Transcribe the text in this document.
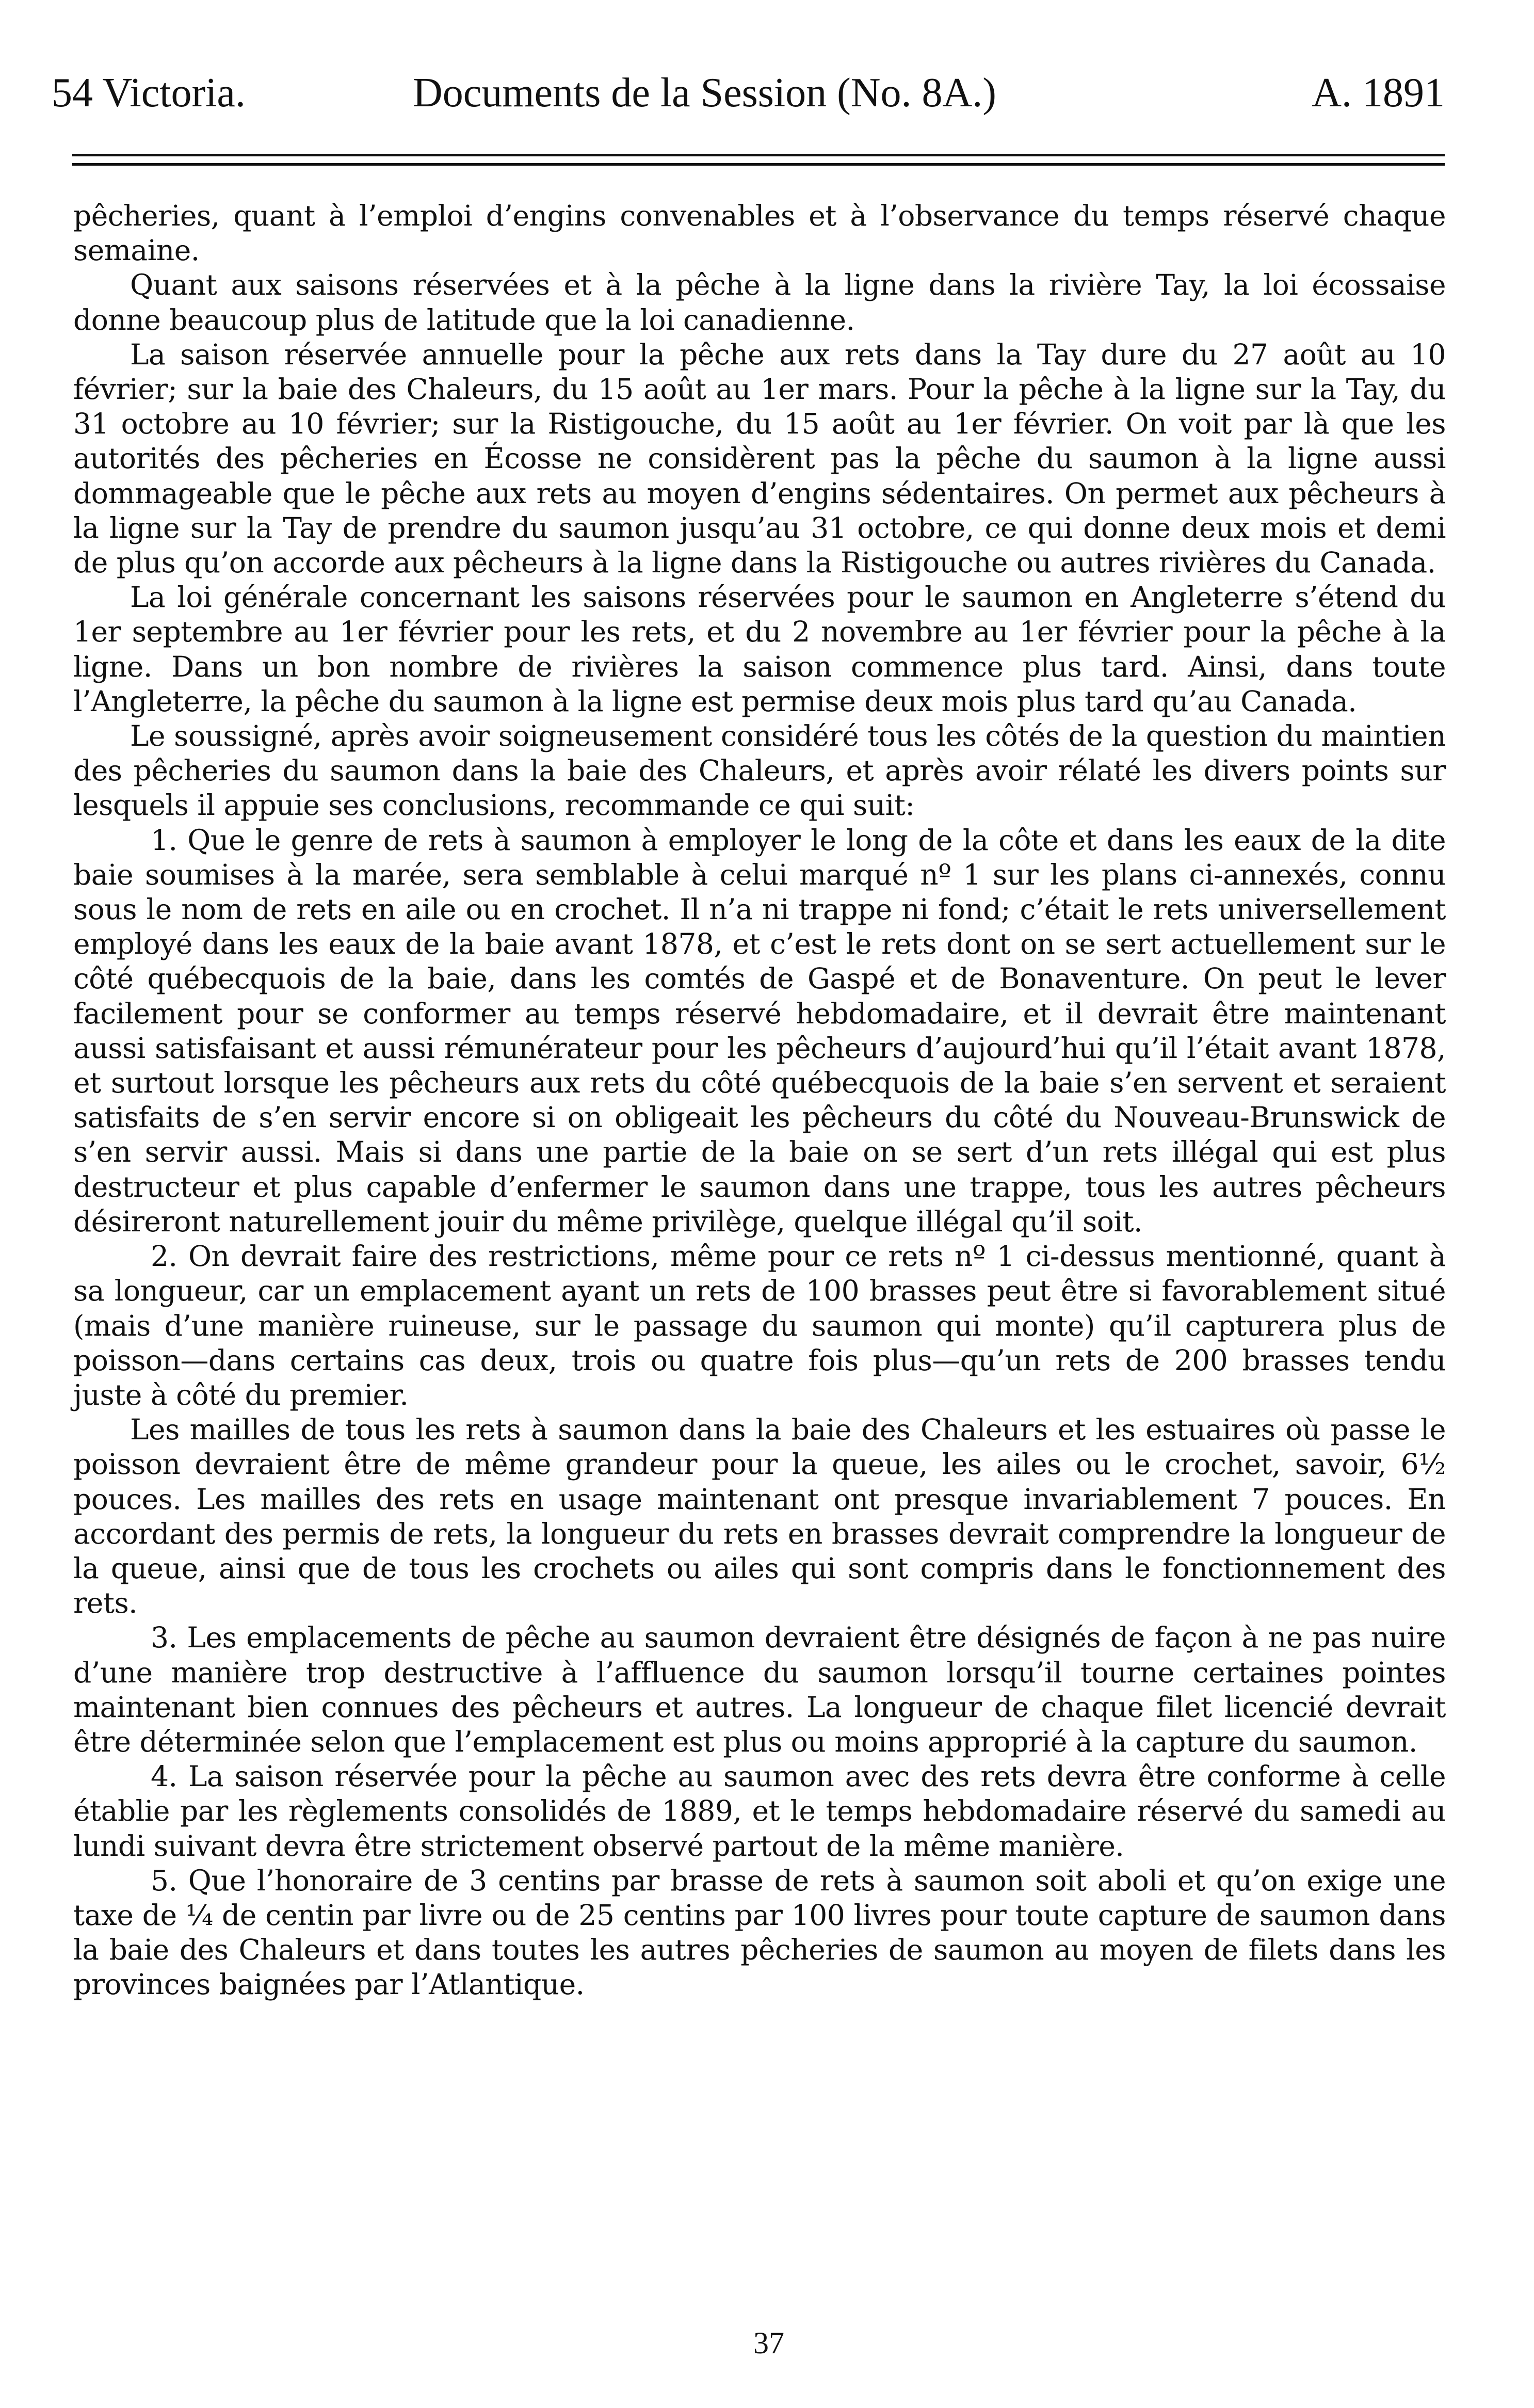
54 Victoria.	Documents de la Session (No. 8A.)	A. 1891

pêcheries, quant à l’emploi d’engins convenables et à l’observance du temps réservé chaque semaine.

Quant aux saisons réservées et à la pêche à la ligne dans la rivière Tay, la loi écossaise donne beaucoup plus de latitude que la loi canadienne.

La saison réservée annuelle pour la pêche aux rets dans la Tay dure du 27 août au 10 février; sur la baie des Chaleurs, du 15 août au 1er mars. Pour la pêche à la ligne sur la Tay, du 31 octobre au 10 février; sur la Ristigouche, du 15 août au 1er février. On voit par là que les autorités des pêcheries en Écosse ne considèrent pas la pêche du saumon à la ligne aussi dommageable que le pêche aux rets au moyen d’engins sédentaires. On permet aux pêcheurs à la ligne sur la Tay de prendre du saumon jusqu’au 31 octobre, ce qui donne deux mois et demi de plus qu’on accorde aux pêcheurs à la ligne dans la Ristigouche ou autres rivières du Canada.

La loi générale concernant les saisons réservées pour le saumon en Angleterre s’étend du 1er septembre au 1er février pour les rets, et du 2 novembre au 1er février pour la pêche à la ligne. Dans un bon nombre de rivières la saison commence plus tard. Ainsi, dans toute l’Angleterre, la pêche du saumon à la ligne est permise deux mois plus tard qu’au Canada.

Le soussigné, après avoir soigneusement considéré tous les côtés de la question du maintien des pêcheries du saumon dans la baie des Chaleurs, et après avoir rélaté les divers points sur lesquels il appuie ses conclusions, recommande ce qui suit:

1. Que le genre de rets à saumon à employer le long de la côte et dans les eaux de la dite baie soumises à la marée, sera semblable à celui marqué nº 1 sur les plans ci-annexés, connu sous le nom de rets en aile ou en crochet. Il n’a ni trappe ni fond; c’était le rets universellement employé dans les eaux de la baie avant 1878, et c’est le rets dont on se sert actuellement sur le côté québecquois de la baie, dans les comtés de Gaspé et de Bonaventure. On peut le lever facilement pour se conformer au temps réservé hebdomadaire, et il devrait être maintenant aussi satisfaisant et aussi rémunérateur pour les pêcheurs d’aujourd’hui qu’il l’était avant 1878, et surtout lorsque les pêcheurs aux rets du côté québecquois de la baie s’en servent et seraient satisfaits de s’en servir encore si on obligeait les pêcheurs du côté du Nouveau-Brunswick de s’en servir aussi. Mais si dans une partie de la baie on se sert d’un rets illégal qui est plus destructeur et plus capable d’enfermer le saumon dans une trappe, tous les autres pêcheurs désireront naturellement jouir du même privilège, quelque illégal qu’il soit.

2. On devrait faire des restrictions, même pour ce rets nº 1 ci-dessus mentionné, quant à sa longueur, car un emplacement ayant un rets de 100 brasses peut être si favorablement situé (mais d’une manière ruineuse, sur le passage du saumon qui monte) qu’il capturera plus de poisson—dans certains cas deux, trois ou quatre fois plus—qu’un rets de 200 brasses tendu juste à côté du premier.

Les mailles de tous les rets à saumon dans la baie des Chaleurs et les estuaires où passe le poisson devraient être de même grandeur pour la queue, les ailes ou le crochet, savoir, 6½ pouces. Les mailles des rets en usage maintenant ont presque invariablement 7 pouces. En accordant des permis de rets, la longueur du rets en brasses devrait comprendre la longueur de la queue, ainsi que de tous les crochets ou ailes qui sont compris dans le fonctionnement des rets.

3. Les emplacements de pêche au saumon devraient être désignés de façon à ne pas nuire d’une manière trop destructive à l’affluence du saumon lorsqu’il tourne certaines pointes maintenant bien connues des pêcheurs et autres. La longueur de chaque filet licencié devrait être déterminée selon que l’emplacement est plus ou moins approprié à la capture du saumon.

4. La saison réservée pour la pêche au saumon avec des rets devra être conforme à celle établie par les règlements consolidés de 1889, et le temps hebdomadaire réservé du samedi au lundi suivant devra être strictement observé partout de la même manière.

5. Que l’honoraire de 3 centins par brasse de rets à saumon soit aboli et qu’on exige une taxe de ¼ de centin par livre ou de 25 centins par 100 livres pour toute capture de saumon dans la baie des Chaleurs et dans toutes les autres pêcheries de saumon au moyen de filets dans les provinces baignées par l’Atlantique.

37
